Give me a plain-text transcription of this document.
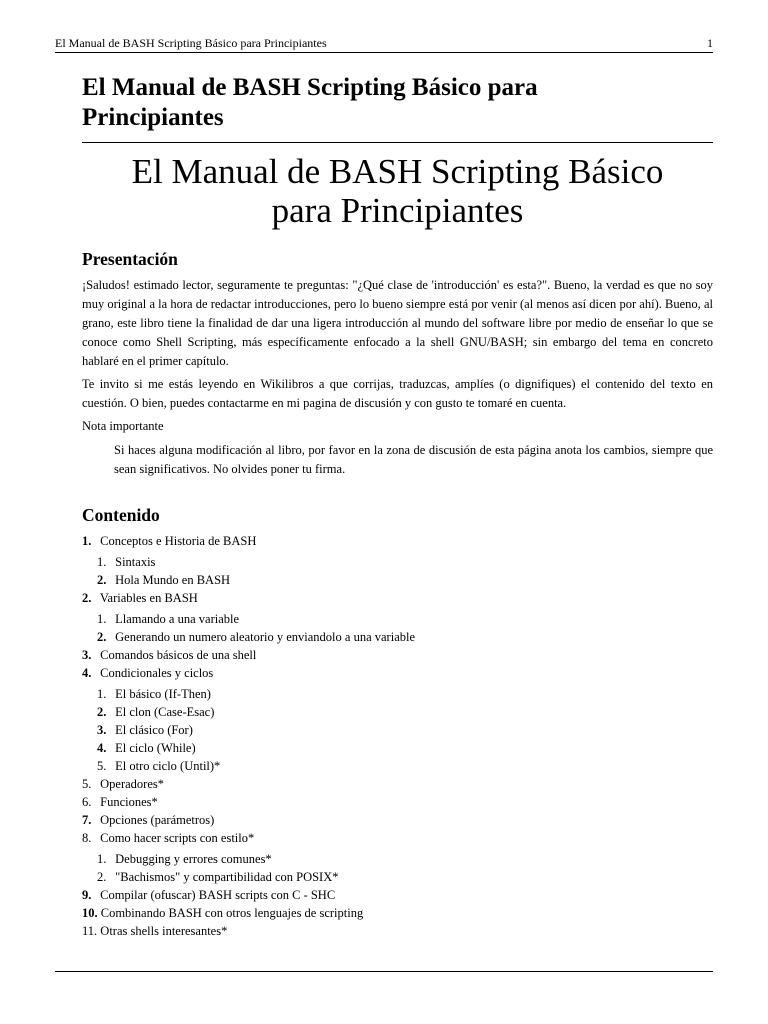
El Manual de BASH Scripting Básico para Principiantes	1
El Manual de BASH Scripting Básico para Principiantes
El Manual de BASH Scripting Básico
para Principiantes
Presentación

¡Saludos! estimado lector, seguramente te preguntas: "¿Qué clase de 'introducción' es esta?". Bueno, la verdad es que no soy muy original a la hora de redactar introducciones, pero lo bueno siempre está por venir (al menos así dicen por ahí). Bueno, al grano, este libro tiene la finalidad de dar una ligera introducción al mundo del software libre por medio de enseñar lo que se conoce como Shell Scripting, más específicamente enfocado a la shell GNU/BASH; sin embargo del tema en concreto hablaré en el primer capítulo.

Te invito si me estás leyendo en Wikilibros a que corrijas, traduzcas, amplíes (o dignifiques) el contenido del texto en cuestión. O bien, puedes contactarme en mi pagina de discusión y con gusto te tomaré en cuenta.

Nota importante
Si haces alguna modificación al libro, por favor en la zona de discusión de esta página anota los cambios, siempre que sean significativos. No olvides poner tu firma.
Contenido
1. Conceptos e Historia de BASH
1. Sintaxis
2. Hola Mundo en BASH
2. Variables en BASH
1. Llamando a una variable
2. Generando un numero aleatorio y enviandolo a una variable
3. Comandos básicos de una shell
4. Condicionales y ciclos
1. El básico (If-Then)
2. El clon (Case-Esac)
3. El clásico (For)
4. El ciclo (While)
5. El otro ciclo (Until)*
5. Operadores*
6. Funciones*
7. Opciones (parámetros)
8. Como hacer scripts con estilo*
1. Debugging y errores comunes*
2. "Bachismos" y compartibilidad con POSIX*
9. Compilar (ofuscar) BASH scripts con C - SHC
10. Combinando BASH con otros lenguajes de scripting
11. Otras shells interesantes*
